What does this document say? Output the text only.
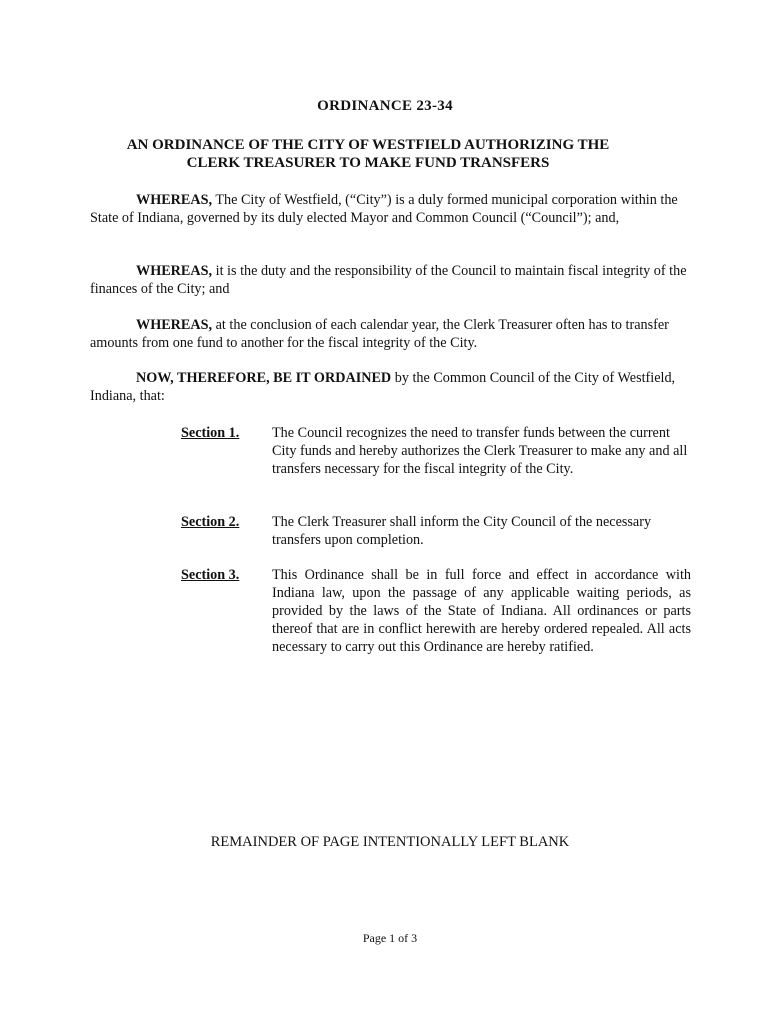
ORDINANCE 23-34
AN ORDINANCE OF THE CITY OF WESTFIELD AUTHORIZING THE
CLERK TREASURER TO MAKE FUND TRANSFERS
WHEREAS, The City of Westfield, (“City”) is a duly formed municipal corporation within the State of Indiana, governed by its duly elected Mayor and Common Council (“Council”); and,
WHEREAS, it is the duty and the responsibility of the Council to maintain fiscal integrity of the finances of the City; and
WHEREAS, at the conclusion of each calendar year, the Clerk Treasurer often has to transfer amounts from one fund to another for the fiscal integrity of the City.
NOW, THEREFORE, BE IT ORDAINED by the Common Council of the City of Westfield, Indiana, that:
Section 1. The Council recognizes the need to transfer funds between the current City funds and hereby authorizes the Clerk Treasurer to make any and all transfers necessary for the fiscal integrity of the City.
Section 2. The Clerk Treasurer shall inform the City Council of the necessary transfers upon completion.
Section 3. This Ordinance shall be in full force and effect in accordance with Indiana law, upon the passage of any applicable waiting periods, as provided by the laws of the State of Indiana. All ordinances or parts thereof that are in conflict herewith are hereby ordered repealed. All acts necessary to carry out this Ordinance are hereby ratified.
REMAINDER OF PAGE INTENTIONALLY LEFT BLANK
Page 1 of 3
